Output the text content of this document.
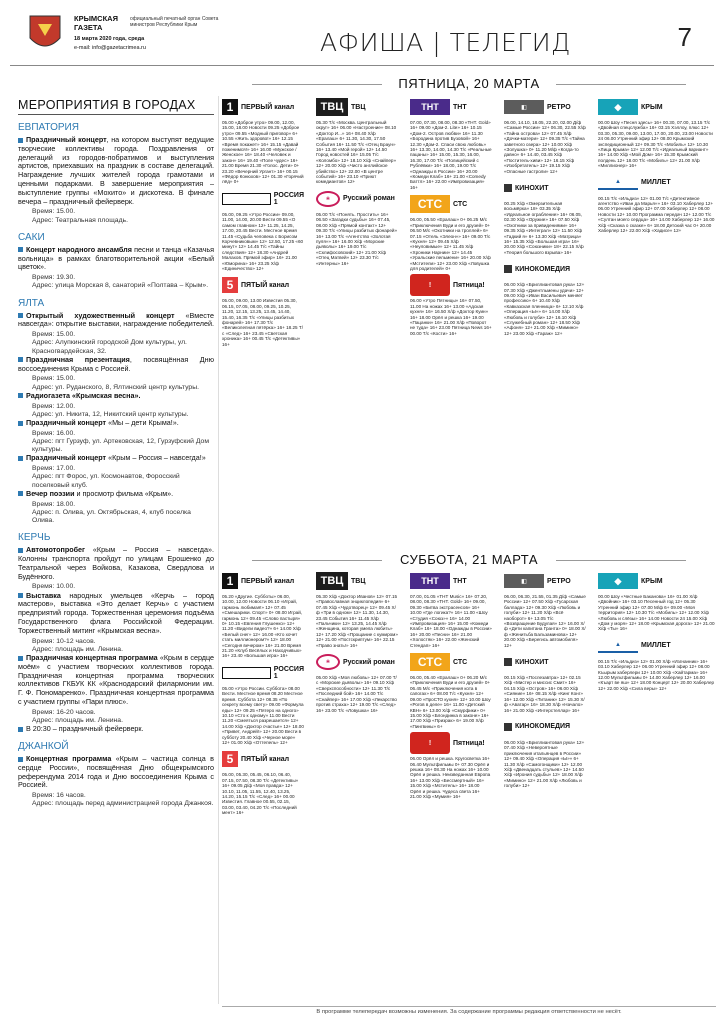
КРЫМСКАЯ ГАЗЕТА
официальный печатный орган Совета министров Республики Крым
18 марта 2020 года, среда
e-mail: info@gazetacrimea.ru	АФИША | ТЕЛЕГИД	7
МЕРОПРИЯТИЯ В ГОРОДАХ
ЕВПАТОРИЯ
Праздничный концерт, на котором выступят ведущие творческие коллективы города. Поздравления от делегаций из городов-побратимов и выступления артистов, приехавших на праздник в составе делегаций. Награждение лучших жителей города грамотами и ценными подарками. В завершение мероприятия – выступление группы «Мохито» и дискотека. В финале вечера – праздничный фейерверк.
Время: 15.00.
Адрес: Театральная площадь.
САКИ
Концерт народного ансамбля песни и танца «Казачья вольница» в рамках благотворительной акции «Белый цветок».
Время: 19.30.
Адрес: улица Морская 8, санаторий «Полтава – Крым».
ЯЛТА
Открытый художественный концерт «Вместе навсегда»: открытие выставки, награждение победителей.
Время: 15.00.
Адрес: Алупкинский городской Дом культуры, ул. Красногвардейская, 32.
Праздничная презентация, посвящённая Дню воссоединения Крыма с Россией.
Время: 15.00.
Адрес: ул. Руданского, 8, Ялтинский центр культуры.
Радиогазета «Крымская весна».
Время: 12.00.
Адрес: ул. Никита, 12, Никитский центр культуры.
Праздничный концерт «Мы – дети Крыма!».
Время: 16.00.
Адрес: пгт Гурзуф, ул. Артековская, 12, Гурзуфский Дом культуры.
Праздничный концерт «Крым – Россия – навсегда!»
Время: 17.00.
Адрес: пгт Форос, ул. Космонавтов, Форосский поселковый клуб.
Вечер поэзии и просмотр фильма «Крым».
Время: 18.00.
Адрес: п. Олива, ул. Октябрьская, 4, клуб поселка Олива.
КЕРЧЬ
Автомотопробег «Крым – Россия – навсегда». Колонны транспорта пройдут по улицам Ерошенко до Театральной через Войкова, Казакова, Свердлова и Будённого.
Время: 10.00.
Выставка народных умельцев «Керчь – город мастеров», выставка «Это делает Керчь» с участием предприятий города. Торжественная церемония подъёма Государственного флага Российской Федерации. Торжественный митинг «Крымская весна».
Время: 10-12 часов.
Адрес: площадь им. Ленина.
Праздничная концертная программа «Крым в сердце моём» с участием творческих коллективов города. Праздничная концертная программа творческих коллективов ГКБУК КК «Краснодарский филармонии им. Г. Ф. Пономаренко». Праздничная концертная программа с участием группы «Пари плюс».
Время: 16-20 часов.
Адрес: площадь им. Ленина.
В 20:30 – праздничный фейерверк.
ДЖАНКОЙ
Концертная программа «Крым – частица солнца в сердце России», посвящённая Дню общекрымского референдума 2014 года и Дню воссоединения Крыма с Россией.
Время: 16 часов.
Адрес: площадь перед администрацией города Джанкоя.
ПЯТНИЦА, 20 МАРТА
СУББОТА, 21 МАРТА
1	ПЕРВЫЙ канал
05.00 «Доброе утро» 09.00, 12.00, 15.00, 18.00 Новости 09.25 «Доброе утро» 09.55 «Модный приговор» 6+ 10.55 «Жить здорово!» 16+ 12.15 «Время покажет» 16+ 15.15 «Давай поженимся!» 16+ 16.00 «Мужское / Женское» 16+ 18.40 «Человек и закон» 16+ 19.40 «Поле чудес» 16+ 21.00 Время 21.30 «Голос. Дети» 0+ 23.20 «Вечерний Ургант» 16+ 00.15 «Фёдор Конюхов» 12+ 01.30 «Горячий лёд» 0+
РОССИЯ 1
05.00, 09.25 «Утро России» 09.00, 11.00, 14.00, 20.00 Вести 09.55 «О самом главном» 12+ 11.25, 14.25, 17.00, 20.45 Вести. Местное время 11.45 «Судьба человека с Борисом Корчевниковым» 12+ 12.50, 17.25 «60 минут» 12+ 14.45 Т/с «Тайны следствия» 12+ 18.30 «Андрей Малахов. Прямой эфир» 16+ 21.00 «Юморина» 16+ 23.25 Х/ф «Единичество» 12+
5	ПЯТЫЙ канал
05.00, 09.00, 13.00 Известия 05.30, 06.15, 07.05, 08.00, 09.25, 10.25, 11.20, 12.15, 13.25, 13.45, 14.40, 15.40, 16.35 Т/с «Улицы разбитых фонарей» 16+ 17.30 Т/с «Великолепная пятёрка» 16+ 18.25 Т/с «След» 16+ 23.45 «Светская хроника» 16+ 00.45 Т/с «Детективы» 16+
ТВЦ	ТВЦ
05.30 Т/с «Москва. Центральный округ» 16+ 06.00 «Настроение» 08.10 «Доктор И...» 16+ 08.40 Х/ф «Ералаш» 6+ 11.30, 14.30, 17.50 События 16+ 11.50 Т/с «Отец Браун» 16+ 13.40 «Мой герой» 12+ 14.50 Город новостей 16+ 15.05 Т/с «Коломбо» 12+ 18.10 Х/ф «Снайпер» 12+ 20.00 Х/ф «Чисто английское убийство» 12+ 22.00 «В центре событий» 16+ 23.10 «Приют комедиантов» 12+
❀	Русский роман
05.00 Т/с «Понять. Простить» 16+ 06.50 «Загадки судьбы» 16+ 07.45, 08.00 Х/ф «Прямой контакт» 12+ 09.30 Т/с «Улицы разбитых фонарей» 16+ 13.00 Т/с «Агентство «Золотая пуля»» 16+ 16.00 Х/ф «Морские дьяволы» 16+ 19.00 Т/с «Склифосовский» 12+ 21.00 Х/ф «Отец Матвей» 12+ 23.30 Т/с «Интерны» 16+
ТНТ	ТНТ
07.00, 07.30, 08.00, 08.30 «ТНТ. Gold» 16+ 09.00 «Дом-2. Lite» 16+ 10.15 «Дом-2. Остров любви» 16+ 11.30 «Бородина против Бузовой» 16+ 12.30 «Дом-2. Спаси свою любовь» 16+ 13.30, 14.00, 14.30 Т/с «Реальные пацаны» 16+ 15.00, 15.30, 16.00, 16.30, 17.00 Т/с «Полицейский с Рублёвки» 16+ 18.00, 19.00 Т/с «Однажды в России» 16+ 20.00 «Комеди Клаб» 16+ 21.00 «Comedy Баттл» 16+ 22.00 «Импровизация» 16+
СТС	СТС
06.00, 05.50 «Ералаш» 0+ 06.25 М/с «Приключения Вуди и его друзей» 0+ 06.50 М/с «Охотники на троллей» 6+ 07.15 «Отель «Элеон»» 16+ 09.00 Т/с «Кухня» 12+ 09.45 Х/ф «Неуловимые» 12+ 11.45 Х/ф «Хроники Нарнии» 12+ 14.45 «Уральские пельмени» 16+ 20.00 Х/ф «Мстители» 12+ 23.00 Х/ф «Ловушка для родителей» 0+
!	Пятница!
06.00 «Утро Пятницы» 16+ 07.50, 11.00 На ножах 16+ 13.00 «Адская кухня» 16+ 16.50 Х/ф «Доктор Куин» 16+ 18.00 Орёл и решка 16+ 19.00 «Пацанки» 16+ 21.00 Х/ф «Поворот не туда» 16+ 23.00 Пятница News 16+ 00.00 Т/с «Кости» 16+
◧	РЕТРО
06.00, 14.10, 18.05, 22.20, 02.00 Д/ф «Самые России» 12+ 06.30, 22.55 Х/ф «Тайна острова» 12+ 07.45 Х/ф «Дочки-матери» 12+ 09.35 Т/с «Тайна заветного озера» 12+ 10.00 Х/ф «Золушка» 0+ 11.20 М/ф «Когда-то давно» 6+ 14.40, 03.45 Х/ф «Поститель-хиви» 12+ 16.15 Х/ф «Изобретатель» 12+ 19.15 Х/ф «Опасные гастроли» 12+
КИНОХИТ
00.25 Х/ф «Омерзительная восьмёрка» 18+ 03.35 Х/ф «Идеальное ограбление» 16+ 06.05, 02.30 Х/ф «Оружие» 16+ 07.50 Х/ф «Охотники за привидениями» 16+ 09.35 Х/ф «Интеграл» 12+ 11.50 Х/ф «Гадкий я» 6+ 13.30 Х/ф «Матрица» 16+ 15.35 Х/ф «Большая игра» 16+ 20.00 Х/ф «Союзники» 18+ 22.15 Х/ф «Теория большого взрыва» 16+
КИНОКОМЕДИЯ
06.00 Х/ф «Бриллиантовая рука» 12+ 07.30 Х/ф «Джентльмены удачи» 12+ 09.00 Х/ф «Иван Васильевич меняет профессию» 6+ 10.40 Х/ф «Кавказская пленница» 6+ 12.10 Х/ф «Операция «Ы»» 6+ 14.00 Х/ф «Любовь и голуби» 12+ 16.10 Х/ф «Служебный роман» 12+ 18.50 Х/ф «Афоня» 12+ 21.00 Х/ф «Мимино» 12+ 23.00 Х/ф «Гараж» 12+
◆	КРЫМ
00.00 Шоу «Песня здесь» 16+ 00.30, 07.00, 13.15 Т/с «Двойная спецслужба» 16+ 03.15 Хэллоу, плюс 12+ 03.30, 05.30, 09.00, 13.00, 17.00, 20.00, 23.00 Новости 24 06.00 Утренний эфир 12+ 08.00 Крымский экспедиционный 12+ 09.30 Т/с «Мобиль» 12+ 10.30 «Лица Крыма» 12+ 12.00 Т/с «Идеальный вариант» 16+ 14.00 Х/ф «Мой Дом» 16+ 15.30 Крымский полдень 12+ 18.00 Т/с «Мобиль» 12+ 21.00 Х/ф «Миллионер» 16+
▲	МИЛЛЕТ
00.15 Т/с «Ильдиз» 12+ 01.00 Т/с «Детективное агентство «Иван да Марья»» 16+ 03.10 Хаберлер 12+ 06.00 Утренний эфир 12+ 07.00 Хаберлер 12+ 08.00 Новости 12+ 10.00 Программа передач 12+ 12.00 Т/с «Султан моего сердца» 16+ 14.00 Хаберлер 12+ 16.00 Х/ф «Сказка о сказке» 6+ 18.00 Детский час 0+ 20.00 Хаберлер 12+ 22.00 Х/ф «Хадисе» 12+
1	ПЕРВЫЙ канал
05.20 «Другие. Субботы» 06.00, 10.00, 12.00 Новости 06.10 «Играй, гармонь любимая!» 12+ 07.45 «Смешарики. Спорт» 0+ 08.00 Играй, гармонь 12+ 09.45 «Слово пастыря» 0+ 10.15 «Евгения Глушенко» 12+ 11.20 «Видели видео?» 6+ 14.00 Х/ф «Белый снег» 12+ 16.00 «Кто хочет стать миллионером?» 12+ 18.00 «Сегодня вечером» 16+ 21.00 Время 21.20 «Клуб Весёлых и Находчивых» 16+ 23.40 «Большая игра» 16+
РОССИЯ 1
05.00 «Утро России. Суббота» 08.00 Вести. Местное время 08.20 Местное время. Суббота 12+ 08.35 «По секрету всему свету» 09.00 «Формула еды» 12+ 09.25 «Пятеро на одного» 10.10 «Сто к одному» 11.00 Вести 11.20 «Смеяться разрешается» 12+ 14.00 Х/ф «Доктор счастье» 12+ 18.00 «Привет, Андрей!» 12+ 20.00 Вести в субботу 20.40 Х/ф «Черное море» 12+ 01.00 Х/ф «Оттепель» 12+
5	ПЯТЫЙ канал
05.00, 05.30, 05.45, 06.10, 06.40, 07.15, 07.50, 08.30 Т/с «Детективы» 16+ 09.05 Д/ф «Моя правда» 12+ 10.10, 11.05, 11.55, 12.40, 13.25, 14.20, 15.15 Т/с «След» 16+ 00.00 Известия. Главное 00.55, 02.15, 03.00, 03.40, 04.20 Т/с «Последний мент» 16+
ТВЦ	ТВЦ
05.30 Х/ф «Доктор Иванов» 12+ 07.15 «Православная энциклопедия» 6+ 07.45 Х/ф «Чудотворец» 12+ 09.45 Х/ф «Три в одном» 12+ 11.30, 14.30, 23.45 События 16+ 11.45 Х/ф «Пальчики» 12+ 13.25, 14.45 Х/ф «Женщина, которая умела любить» 12+ 17.20 Х/ф «Прощание с кумиром» 12+ 21.00 «Постскриптум» 16+ 22.15 «Право знать!» 16+
❀	Русский роман
05.00 Х/ф «Моя любовь» 12+ 07.00 Т/с «Морские дьяволы» 16+ 09.10 Х/ф «Сверхспособности» 12+ 11.30 Т/с «Последний бой» 16+ 14.00 Т/с «Снайпер» 16+ 17.00 Х/ф «Лекарство против страха» 12+ 19.00 Т/с «След» 16+ 23.00 Т/с «Ловушка» 16+
ТНТ	ТНТ
07.00, 01.05 «ТНТ Music» 16+ 07.20, 08.00, 08.30 «ТНТ. Gold» 16+ 09.00, 09.30 «Битва экстрасенсов» 16+ 10.00 «Где логика?» 16+ 11.00 «Шоу «Студия «Союз»» 16+ 14.00 «Импровизация» 16+ 15.00 «Комеди Клаб» 16+ 18.00 «Однажды в России» 16+ 20.00 «Песни» 16+ 21.00 «Холостяк» 16+ 22.00 «Женский Стендап» 16+
СТС	СТС
06.00, 05.40 «Ералаш» 0+ 06.20 М/с «Приключения Вуди и его друзей» 0+ 06.45 М/с «Приключения кота в сапогах» 6+ 08.00 Т/с «Кухня» 12+ 09.00 «ПроСТО кухня» 12+ 10.00 Шоу «Рогов в деле» 16+ 11.00 «Детский КВН» 6+ 13.00 Х/ф «Смурфики» 0+ 15.00 Х/ф «Блондинка в законе» 16+ 17.00 Х/ф «Призрак» 6+ 19.00 Х/ф «Пингвины» 6+
!	Пятница!
06.00 Орёл и решка. Кругосветка 16+ 06.40 Мультфильмы 0+ 07.30 Орёл и решка 16+ 08.30 На ножах 16+ 10.00 Орёл и решка. Неизведанная Европа 16+ 13.00 Х/ф «Бессмертный» 16+ 15.00 Х/ф «Мститель» 16+ 18.00 Орёл и решка. Чудеса света 16+ 21.00 Х/ф «Мумия» 16+
◧	РЕТРО
06.00, 06.30, 21.55, 01.35 Д/ф «Самые России» 12+ 07.50 Х/ф «Гусарская баллада» 12+ 09.30 Х/ф «Любовь и голуби» 12+ 11.20 Х/ф «Всё наоборот» 6+ 13.05 Т/с «Возвращение Будулая» 12+ 16.00 Х/ф «Дети капитана Гранта» 0+ 18.00 Х/ф «Женитьба Бальзаминова» 12+ 20.00 Х/ф «Берегись автомобиля» 12+
КИНОХИТ
00.15 Х/ф «Послезавтра» 12+ 02.15 Х/ф «Мистер и миссис Смит» 16+ 04.15 Х/ф «Остров» 16+ 06.00 Х/ф «Сияние» 16+ 08.15 Х/ф «Кинг Конг» 16+ 12.00 Х/ф «Титаник» 12+ 15.30 Х/ф «Аватар» 16+ 18.30 Х/ф «Начало» 16+ 21.00 Х/ф «Интерстеллар» 16+
КИНОКОМЕДИЯ
06.00 Х/ф «Бриллиантовая рука» 12+ 07.40 Х/ф «Невероятные приключения итальянцев в России» 12+ 09.40 Х/ф «Операция «Ы»» 6+ 11.30 Х/ф «Самогонщики» 12+ 12.00 Х/ф «Двенадцать стульев» 12+ 14.50 Х/ф «Ирония судьбы» 12+ 18.00 Х/ф «Мимино» 12+ 21.00 Х/ф «Любовь и голуби» 12+
◆	КРЫМ
00.00 Шоу «Честные Баканова» 16+ 01.00 Х/ф «Двойник» 16+ 03.10 Песенный год 12+ 05.30 Утренний эфир 12+ 07.00 М/ф 6+ 09.00 «Моя территория» 12+ 10.30 Т/с «Мобиль» 12+ 12.00 Х/ф «Любовь и слёзы» 16+ 14.00 Новости 24 15.00 Х/ф «Дом у моря» 12+ 18.00 «Крымская дорога» 12+ 21.00 Х/ф «Ты» 16+
▲	МИЛЛЕТ
00.15 Т/с «Ильдиз» 12+ 01.00 Х/ф «Изгнанник» 16+ 03.10 Хаберлер 12+ 06.00 Утренний эфир 12+ 08.00 Къырым хаберлери 12+ 10.00 Х/ф «Хайтарма» 16+ 12.00 Мультфильмы 0+ 14.00 Хаберлер 12+ 16.00 «Къарт ве яш» 12+ 18.00 Концерт 12+ 20.00 Хаберлер 12+ 22.00 Х/ф «Сила веры» 12+
В программе телепередач возможны изменения. За содержание программы редакция ответственности не несёт.
